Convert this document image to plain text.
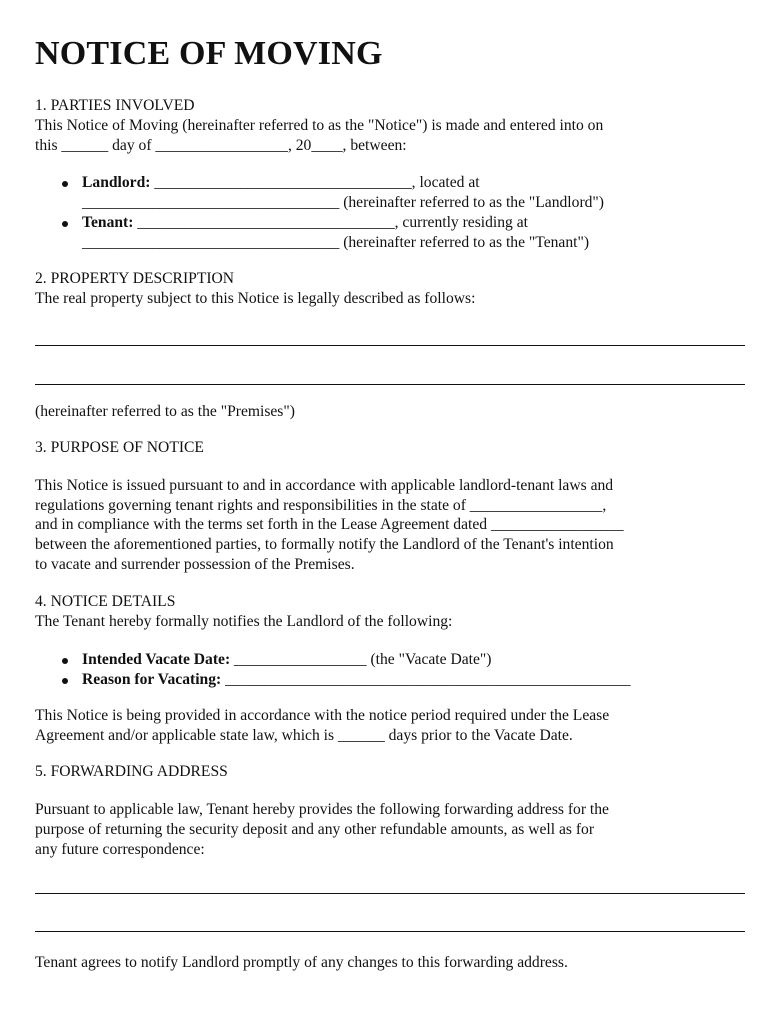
NOTICE OF MOVING
1. PARTIES INVOLVED
This Notice of Moving (hereinafter referred to as the "Notice") is made and entered into on
this ______ day of _________________, 20____, between:
Landlord: _________________________________, located at
_________________________________ (hereinafter referred to as the "Landlord")
Tenant: _________________________________, currently residing at
_________________________________ (hereinafter referred to as the "Tenant")
2. PROPERTY DESCRIPTION
The real property subject to this Notice is legally described as follows:
(hereinafter referred to as the "Premises")
3. PURPOSE OF NOTICE
This Notice is issued pursuant to and in accordance with applicable landlord-tenant laws and
regulations governing tenant rights and responsibilities in the state of _________________,
and in compliance with the terms set forth in the Lease Agreement dated _________________
between the aforementioned parties, to formally notify the Landlord of the Tenant's intention
to vacate and surrender possession of the Premises.
4. NOTICE DETAILS
The Tenant hereby formally notifies the Landlord of the following:
Intended Vacate Date: _________________ (the "Vacate Date")
Reason for Vacating: ____________________________________________________
This Notice is being provided in accordance with the notice period required under the Lease
Agreement and/or applicable state law, which is ______ days prior to the Vacate Date.
5. FORWARDING ADDRESS
Pursuant to applicable law, Tenant hereby provides the following forwarding address for the
purpose of returning the security deposit and any other refundable amounts, as well as for
any future correspondence:
Tenant agrees to notify Landlord promptly of any changes to this forwarding address.
